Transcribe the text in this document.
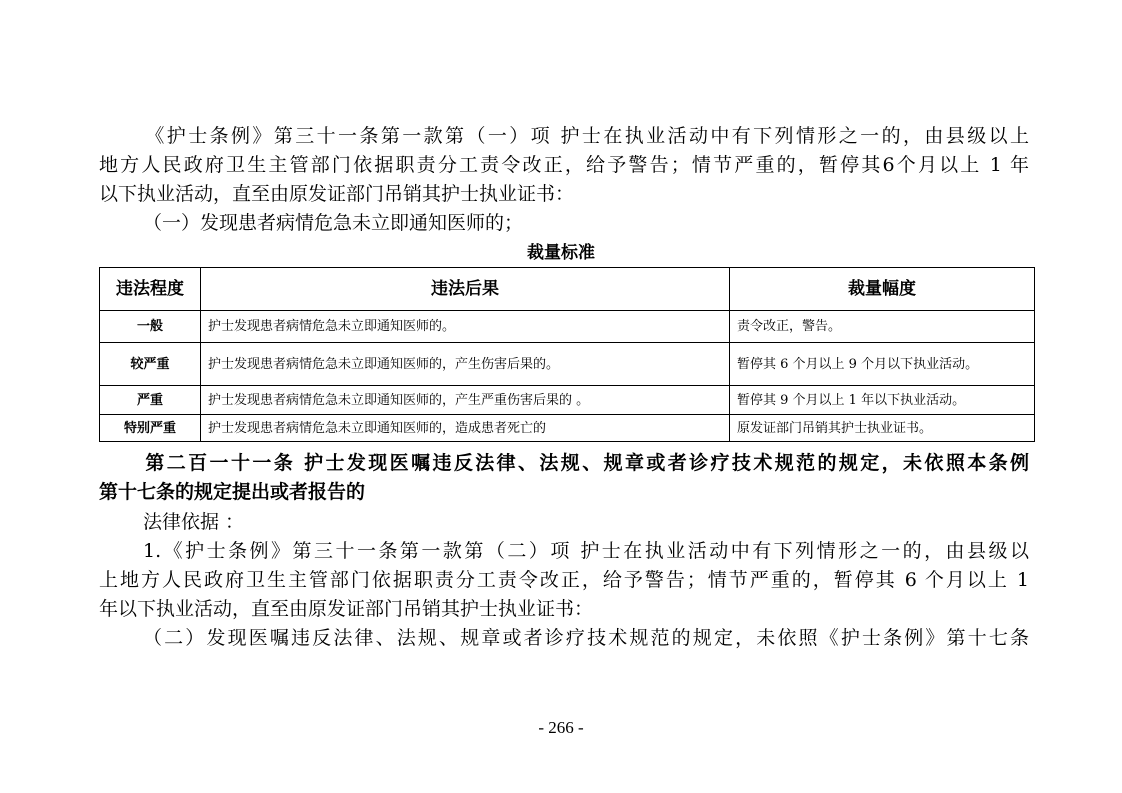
《护士条例》第三十一条第一款第（一）项 护士在执业活动中有下列情形之一的，由县级以上

地方人民政府卫生主管部门依据职责分工责令改正，给予警告；情节严重的，暂停其6个月以上 1 年

以下执业活动，直至由原发证部门吊销其护士执业证书：

（一）发现患者病情危急未立即通知医师的；

裁量标准
违法程度	违法后果	裁量幅度
一般	护士发现患者病情危急未立即通知医师的。	责令改正，警告。
较严重	护士发现患者病情危急未立即通知医师的，产生伤害后果的。	暂停其 6 个月以上 9 个月以下执业活动。
严重	护士发现患者病情危急未立即通知医师的，产生严重伤害后果的 。	暂停其 9 个月以上 1 年以下执业活动。
特别严重	护士发现患者病情危急未立即通知医师的，造成患者死亡的	原发证部门吊销其护士执业证书。

第二百一十一条 护士发现医嘱违反法律、法规、规章或者诊疗技术规范的规定，未依照本条例

第十七条的规定提出或者报告的

法律依据 ：

1.《护士条例》第三十一条第一款第（二）项 护士在执业活动中有下列情形之一的，由县级以

上地方人民政府卫生主管部门依据职责分工责令改正，给予警告；情节严重的，暂停其 6 个月以上 1

年以下执业活动，直至由原发证部门吊销其护士执业证书：

（二）发现医嘱违反法律、法规、规章或者诊疗技术规范的规定，未依照《护士条例》第十七条

- 266 -
